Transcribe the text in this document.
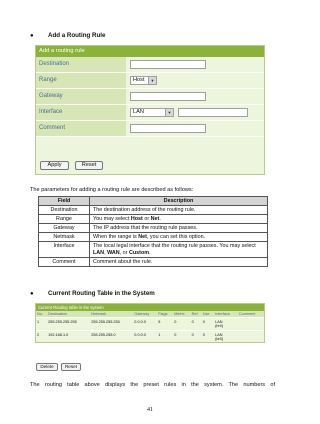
● Add a Routing Rule
Add a routing rule
Destination
Range	Host	▼
Gateway
Interface	LAN	▼
Comment
Apply	Reset
The parameters for adding a routing rule are described as follows:
Field	Description
Destination	The destination address of the routing rule.
Range	You may select Host or Net.
Gateway	The IP address that the routing rule passes.
Netmask	When the range is Net, you can set this option.
Interface	The local legal interface that the routing rule passes. You may select LAN, WAN, or Custom.
Comment	Comment about the rule.
● Current Routing Table in the System
Current Routing table in the system
No.	Destination	Netmask	Gateway	Flags	Metric	Ref	Use	Interface	Comment
1	255.255.255.255	255.255.255.255	0.0.0.0	5	0	0	0	LAN
(br0)	
2	192.168.1.0	255.255.255.0	0.0.0.0	1	0	0	0	LAN
(br0)	
Delete	Reset
The routing table above displays the preset rules in the system. The numbers of
41
